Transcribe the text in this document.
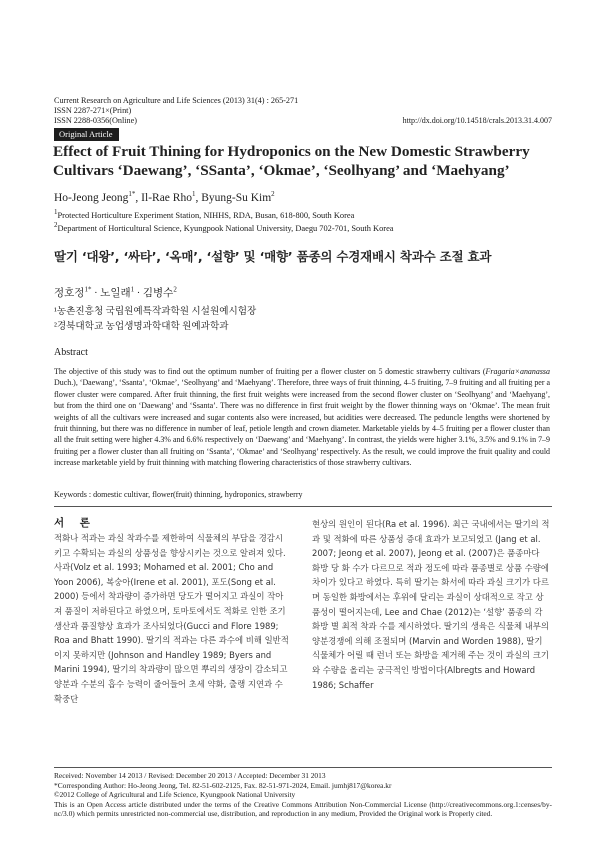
Current Research on Agriculture and Life Sciences (2013) 31(4) : 265-271
ISSN 2287-271×(Print)
ISSN 2288-0356(Online)	http://dx.doi.org/10.14518/crals.2013.31.4.007
Original Article
Effect of Fruit Thining for Hydroponics on the New Domestic Strawberry
Cultivars ‘Daewang’, ‘SSanta’, ‘Okmae’, ‘Seolhyang’ and ‘Maehyang’
Ho-Jeong Jeong$^{1*}$, Il-Rae Rho$^1$, Byung-Su Kim$^2$
$^1$Protected Horticulture Experiment Station, NIHHS, RDA, Busan, 618-800, South Korea
$^2$Department of Horticultural Science, Kyungpook National University, Daegu 702-701, South Korea
딸기 ‘대왕’, ‘싸타’, ‘옥매’, ‘설향’ 및 ‘매향’ 품종의 수경재배시 착과수 조절 효과
정호정$^{1*}$ · 노일래$^1$ · 김병수$^2$
¹농촌진흥청 국립원예특작과학원 시설원예시험장
²경북대학교 농업생명과학대학 원예과학과
Abstract
The objective of this study was to find out the optimum number of fruiting per a flower cluster on 5 domestic strawberry cultivars (Fragaria×ananassa Duch.), ‘Daewang’, ‘Ssanta’, ‘Okmae’, ‘Seolhyang’ and ‘Maehyang’. Therefore, three ways of fruit thinning, 4–5 fruiting, 7–9 fruiting and all fruiting per a flower cluster were compared. After fruit thinning, the first fruit weights were increased from the second flower cluster on ‘Seolhyang’ and ‘Maehyang’, but from the third one on ‘Daewang’ and ‘Ssanta’. There was no difference in first fruit weight by the flower thinning ways on ‘Okmae’. The mean fruit weights of all the cultivars were increased and sugar contents also were increased, but acidities were decreased. The peduncle lengths were shortened by fruit thinning, but there was no difference in number of leaf, petiole length and crown diameter. Marketable yields by 4–5 fruiting per a flower cluster than all the fruit setting were higher 4.3% and 6.6% respectively on ‘Daewang’ and ‘Maehyang’. In contrast, the yields were higher 3.1%, 3.5% and 9.1% in 7–9 fruiting per a flower cluster than all fruiting on ‘Ssanta’, ‘Okmae’ and ‘Seolhyang’ respectively. As the result, we could improve the fruit quality and could increase marketable yield by fruit thinning with matching flowering characteristics of those strawberry cultivars.
Keywords : domestic cultivar, flower(fruit) thinning, hydroponics, strawberry
서 론
적화나 적과는 과실 착과수를 제한하여 식물체의 부담을 경감시키고 수확되는 과실의 상품성을 향상시키는 것으로 알려져 있다. 사과(Volz et al. 1993; Mohamed et al. 2001; Cho and Yoon 2006), 복숭아(Irene et al. 2001), 포도(Song et al. 2000) 등에서 착과량이 증가하면 당도가 떨어지고 과실이 작아져 품질이 저하된다고 하였으며, 토마토에서도 적화로 인한 조기생산과 품질향상 효과가 조사되었다(Gucci and Flore 1989; Roa and Bhatt 1990). 딸기의 적과는 다른 과수에 비해 일반적이지 못하지만 (Johnson and Handley 1989; Byers and Marini 1994), 딸기의 착과량이 많으면 뿌리의 생장이 감소되고 양분과 수분의 흡수 능력이 줄어들어 초세 약화, 출랭 지연과 수확중단
현상의 원인이 된다(Ra et al. 1996). 최근 국내에서는 딸기의 적과 및 적화에 따른 상품성 증대 효과가 보고되었고 (Jang et al. 2007; Jeong et al. 2007), Jeong et al. (2007)은 품종마다 화방 당 화 수가 다르므로 적과 정도에 따라 품종별로 상품 수량에 차이가 있다고 하였다. 특히 딸기는 화서에 따라 과실 크기가 다르며 동일한 화방에서는 후위에 달리는 과실이 상대적으로 작고 상품성이 떨어지는데, Lee and Chae (2012)는 ‘설향’ 품종의 각 화방 별 최적 착과 수를 제시하였다. 딸기의 생육은 식물체 내부의 양분경쟁에 의해 조절되며 (Marvin and Worden 1988), 딸기 식물체가 어릴 때 런너 또는 화방을 제거해 주는 것이 과실의 크기와 수량을 올리는 궁극적인 방법이다(Albregts and Howard 1986; Schaffer
Received: November 14 2013 / Revised: December 20 2013 / Accepted: December 31 2013
*Corresponding Author: Ho-Jeong Jeong, Tel. 82-51-602-2125, Fax. 82-51-971-2024, Email. jumhj817@korea.kr
©2012 College of Agricultural and Life Science, Kyungpook National University
This is an Open Access article distributed under the terms of the Creative Commons Attribution Non-Commercial License (http://creativecommons.org.1:censes/by-nc/3.0) which permits unrestricted non-commercial use, distribution, and reproduction in any medium, Provided the Original work is Properly cited.
